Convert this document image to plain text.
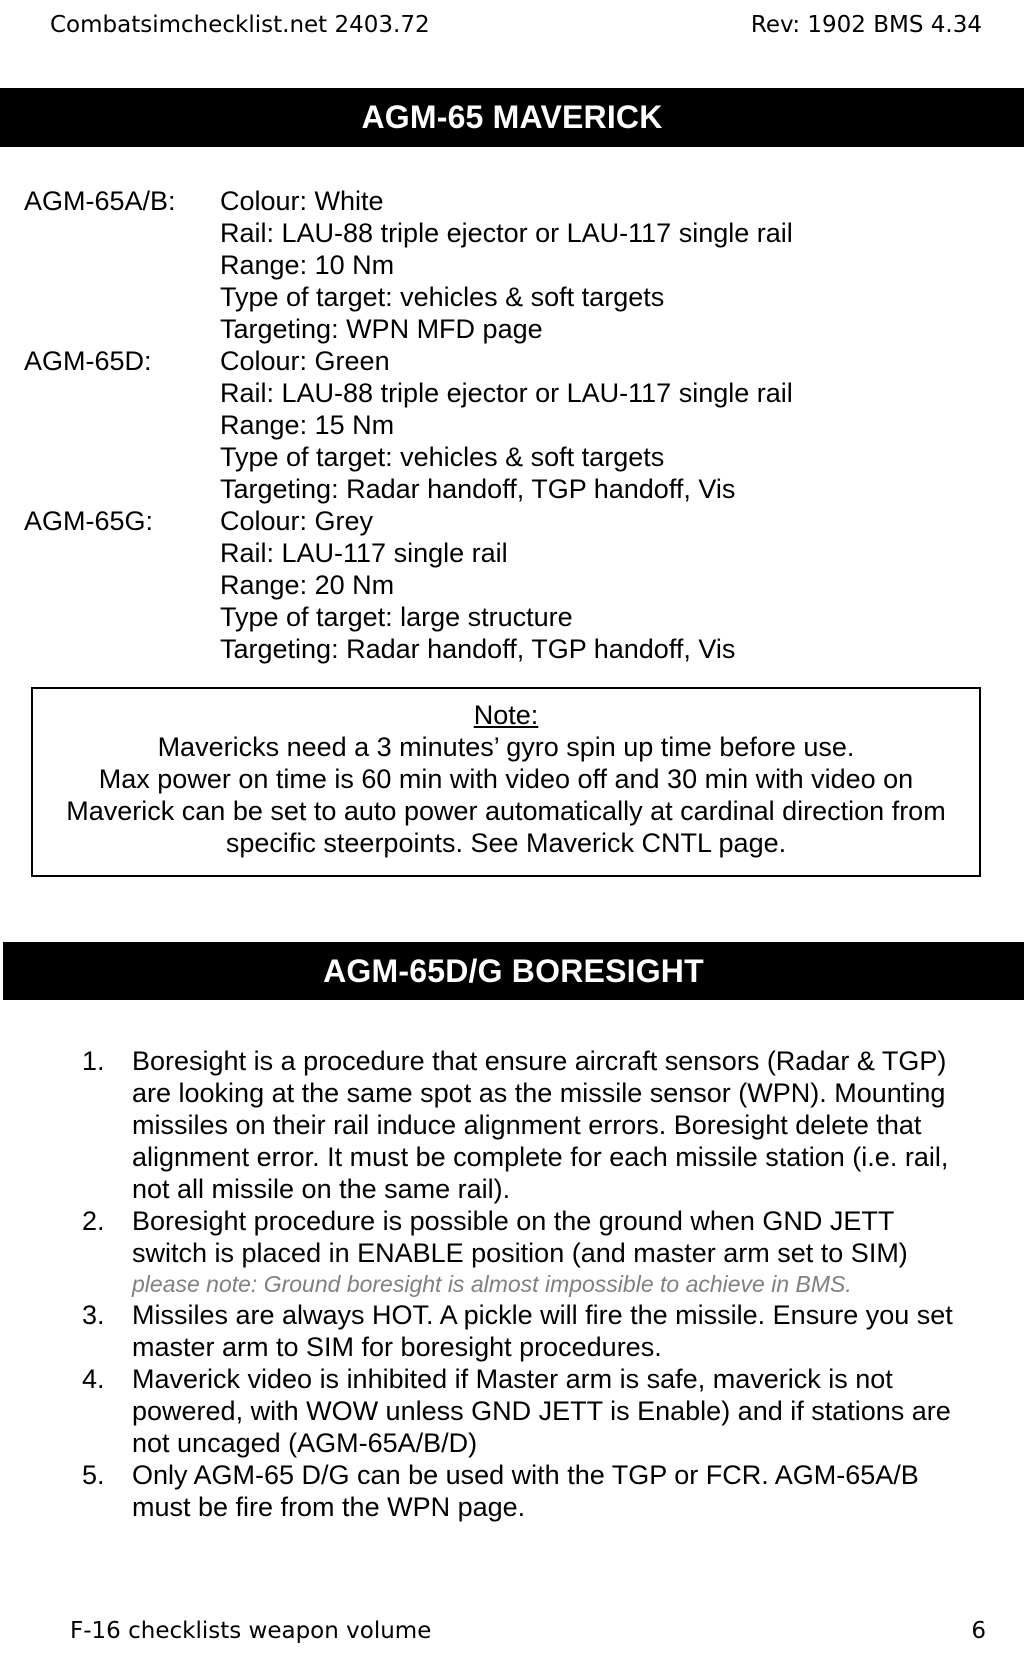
Combatsimchecklist.net 2403.72	Rev: 1902 BMS 4.34
AGM-65 MAVERICK
AGM-65A/B:	Colour: White
Rail: LAU-88 triple ejector or LAU-117 single rail
Range: 10 Nm
Type of target: vehicles & soft targets
Targeting: WPN MFD page
AGM-65D:	Colour: Green
Rail: LAU-88 triple ejector or LAU-117 single rail
Range: 15 Nm
Type of target: vehicles & soft targets
Targeting: Radar handoff, TGP handoff, Vis
AGM-65G:	Colour: Grey
Rail: LAU-117 single rail
Range: 20 Nm
Type of target: large structure
Targeting: Radar handoff, TGP handoff, Vis
Note:
Mavericks need a 3 minutes’ gyro spin up time before use.
Max power on time is 60 min with video off and 30 min with video on
Maverick can be set to auto power automatically at cardinal direction from
specific steerpoints. See Maverick CNTL page.
AGM-65D/G BORESIGHT
1.	Boresight is a procedure that ensure aircraft sensors (Radar & TGP)
are looking at the same spot as the missile sensor (WPN). Mounting
missiles on their rail induce alignment errors. Boresight delete that
alignment error. It must be complete for each missile station (i.e. rail,
not all missile on the same rail).
2.	Boresight procedure is possible on the ground when GND JETT
switch is placed in ENABLE position (and master arm set to SIM)
please note: Ground boresight is almost impossible to achieve in BMS.
3.	Missiles are always HOT. A pickle will fire the missile. Ensure you set
master arm to SIM for boresight procedures.
4.	Maverick video is inhibited if Master arm is safe, maverick is not
powered, with WOW unless GND JETT is Enable) and if stations are
not uncaged (AGM-65A/B/D)
5.	Only AGM-65 D/G can be used with the TGP or FCR. AGM-65A/B
must be fire from the WPN page.
F-16 checklists weapon volume	6
